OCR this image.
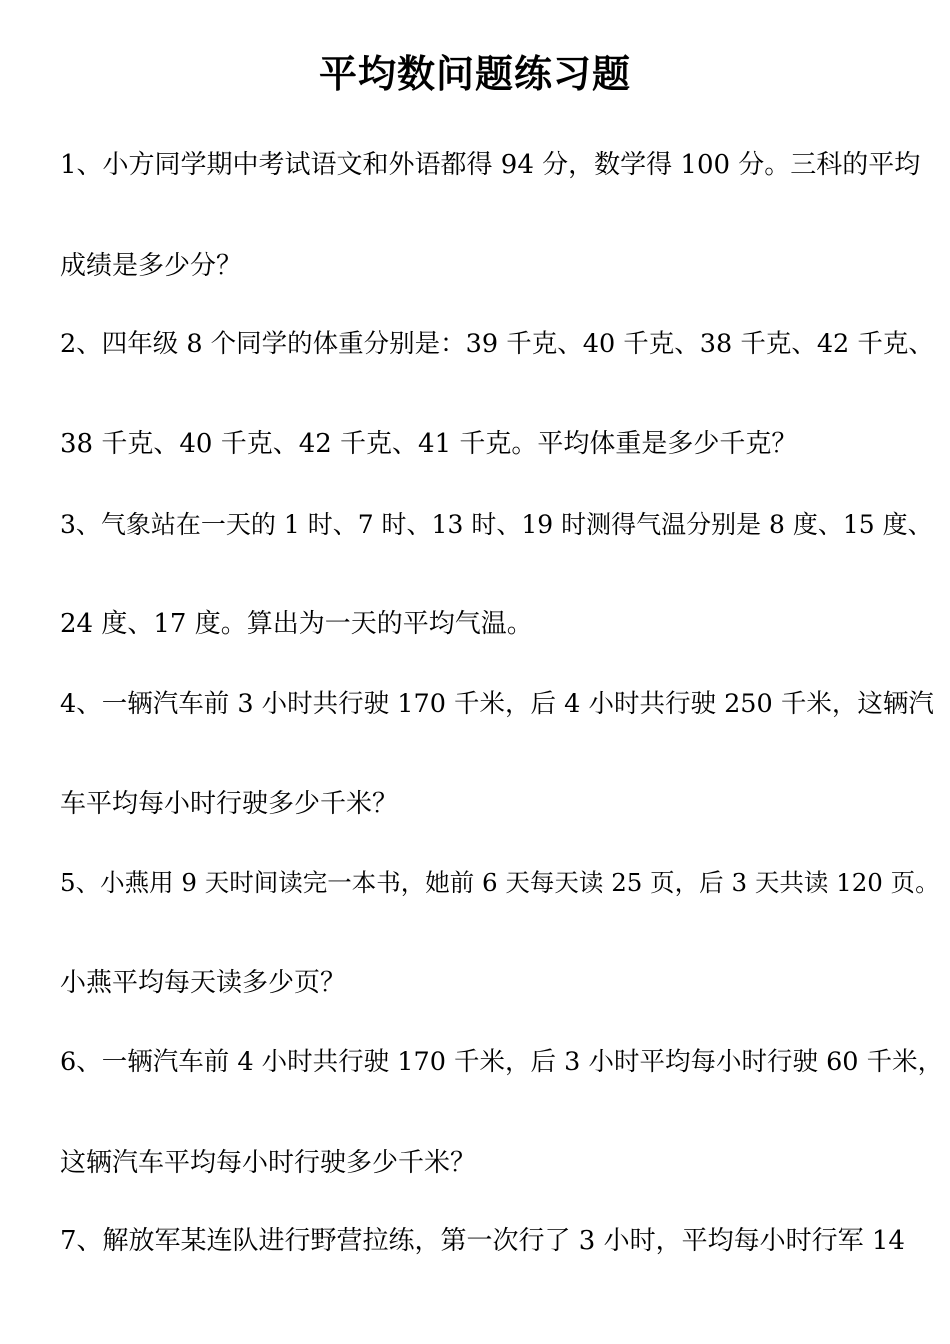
平均数问题练习题
1、小方同学期中考试语文和外语都得 94 分，数学得 100 分。三科的平均
成绩是多少分？
2、四年级 8 个同学的体重分别是：39 千克、40 千克、38 千克、42 千克、
38 千克、40 千克、42 千克、41 千克。平均体重是多少千克？
3、气象站在一天的 1 时、7 时、13 时、19 时测得气温分别是 8 度、15 度、
24 度、17 度。算出为一天的平均气温。
4、一辆汽车前 3 小时共行驶 170 千米，后 4 小时共行驶 250 千米，这辆汽
车平均每小时行驶多少千米？
5、小燕用 9 天时间读完一本书，她前 6 天每天读 25 页，后 3 天共读 120 页。
小燕平均每天读多少页？
6、一辆汽车前 4 小时共行驶 170 千米，后 3 小时平均每小时行驶 60 千米，
这辆汽车平均每小时行驶多少千米？
7、解放军某连队进行野营拉练，第一次行了 3 小时，平均每小时行军 14
